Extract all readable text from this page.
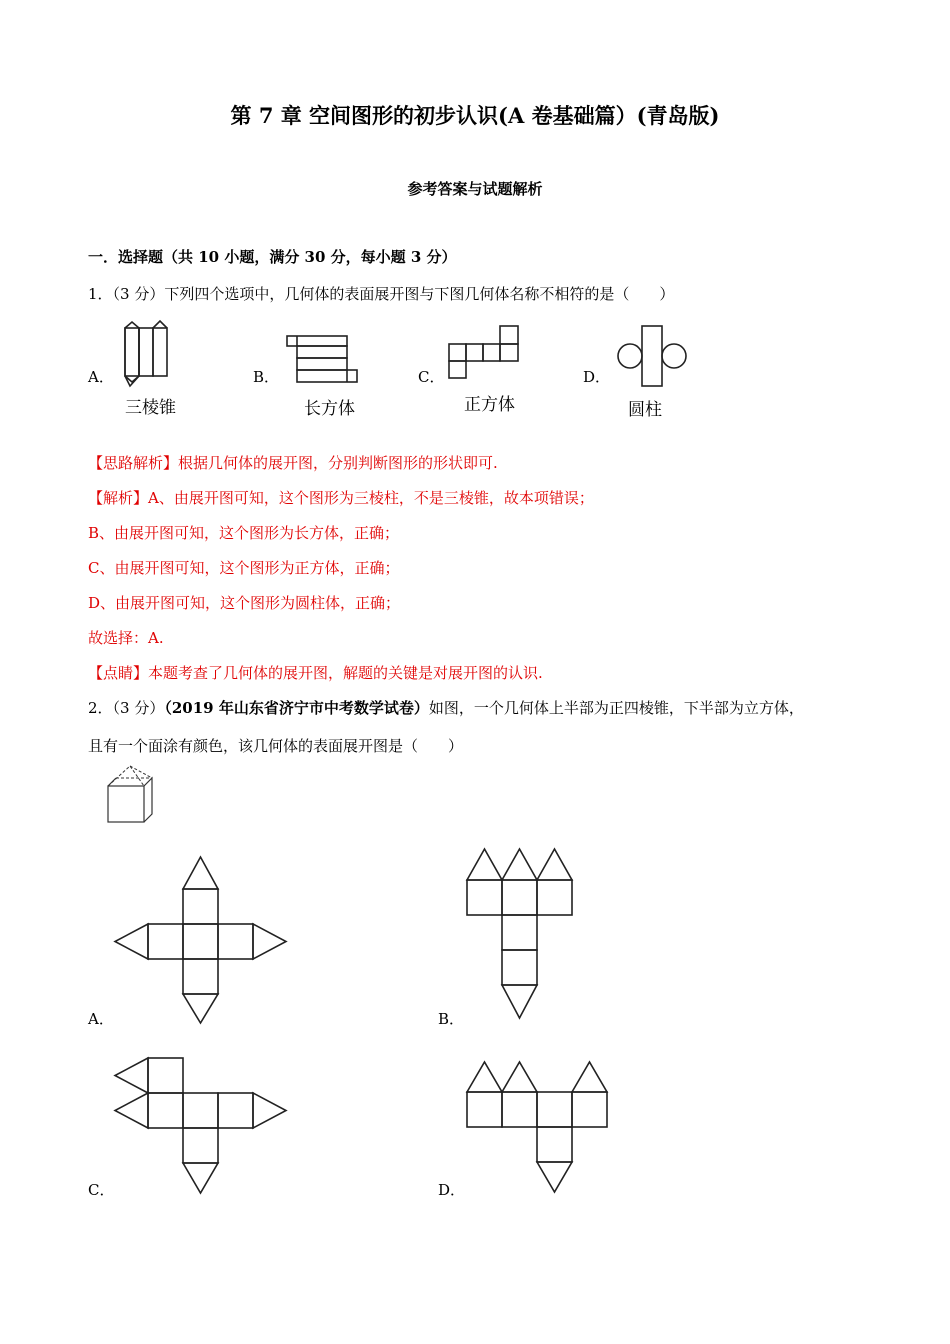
第 7 章 空间图形的初步认识(A 卷基础篇）(青岛版)
参考答案与试题解析
一．选择题（共 10 小题，满分 30 分，每小题 3 分）
1．（3 分）下列四个选项中，几何体的表面展开图与下图几何体名称不相符的是（　　）
A．
三棱锥
B．
长方体
C．
正方体
D．
圆柱
【思路解析】根据几何体的展开图，分别判断图形的形状即可.
【解析】A、由展开图可知，这个图形为三棱柱，不是三棱锥，故本项错误；
B、由展开图可知，这个图形为长方体，正确；
C、由展开图可知，这个图形为正方体，正确；
D、由展开图可知，这个图形为圆柱体，正确；
故选择：A.
【点睛】本题考查了几何体的展开图，解题的关键是对展开图的认识.
2．（3 分）（2019 年山东省济宁市中考数学试卷）如图，一个几何体上半部为正四棱锥，下半部为立方体，
且有一个面涂有颜色，该几何体的表面展开图是（　　）
A．	B．
C．	D．
